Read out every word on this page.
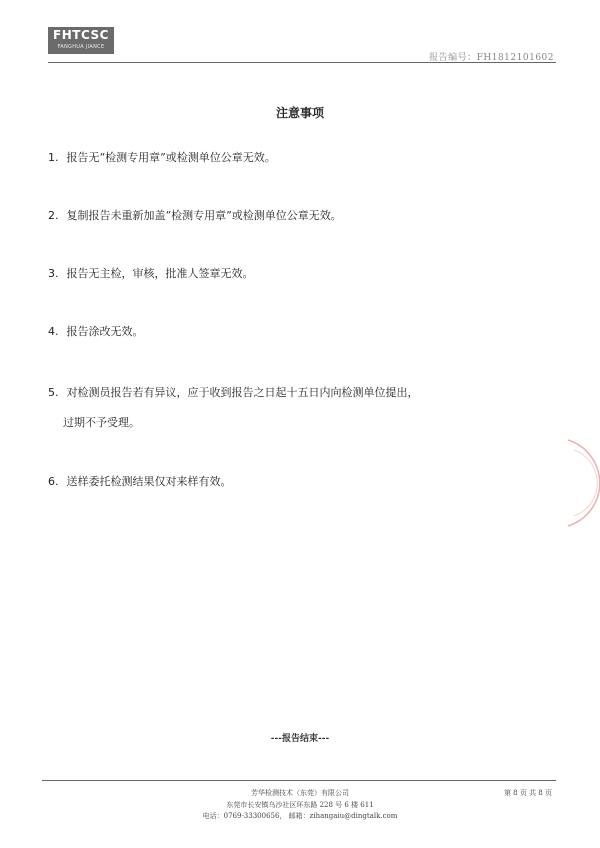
FHTCSC
FANGHUA JIANCE
报告编号：FH1812101602
注意事项
1. 报告无“检测专用章”或检测单位公章无效。
2. 复制报告未重新加盖“检测专用章”或检测单位公章无效。
3. 报告无主检，审核，批准人签章无效。
4. 报告涂改无效。
5. 对检测员报告若有异议，应于收到报告之日起十五日内向检测单位提出，
过期不予受理。
6. 送样委托检测结果仅对来样有效。
---报告结束---
芳华检测技术（东莞）有限公司
东莞市长安镇乌沙社区环东路 228 号 6 楼 611
电话：0769-33300656， 邮箱：zihangaiu@dingtalk.com
第 8 页 共 8 页
